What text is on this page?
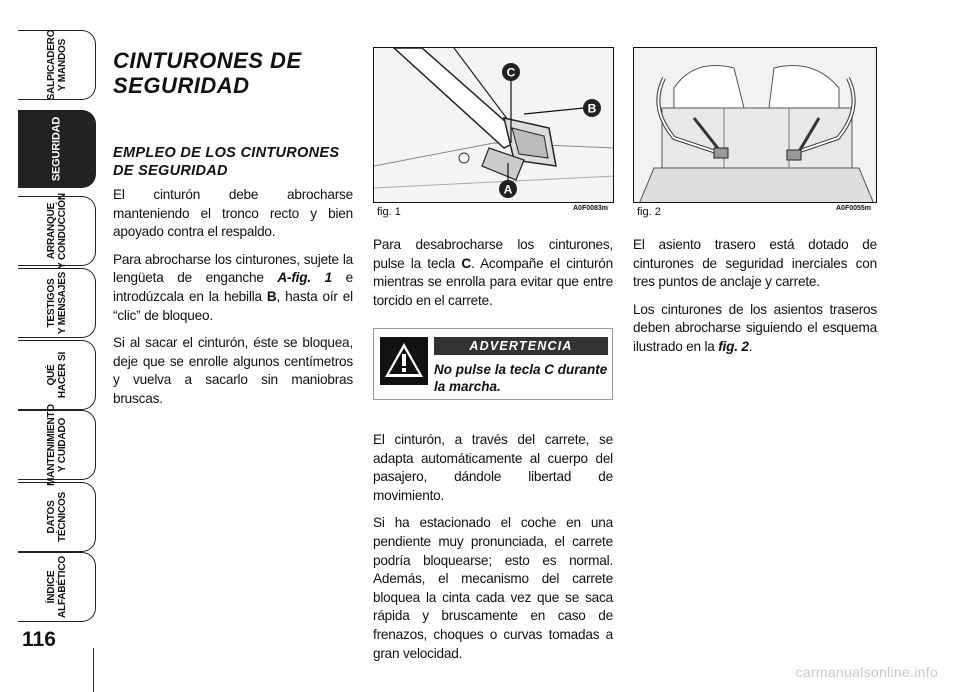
SALPICADERO
Y MANDOS
SEGURIDAD
ARRANQUE
Y CONDUCCIÓN
TESTIGOS
Y MENSAJES
QUÉ
HACER SI
MANTENIMIENTO
Y CUIDADO
DATOS
TÉCNICOS
ÍNDICE
ALFABÉTICO
116
CINTURONES DE SEGURIDAD
EMPLEO DE LOS CINTURONES DE SEGURIDAD

El cinturón debe abrocharse manteniendo el tronco recto y bien apoyado contra el respaldo.

Para abrocharse los cinturones, sujete la lengüeta de enganche A-fig. 1 e introdúzcala en la hebilla B, hasta oír el “clic” de bloqueo.

Si al sacar el cinturón, éste se bloquea, deje que se enrolle algunos centímetros y vuelva a sacarlo sin maniobras bruscas.

C
B
A
fig. 1	A0F0083m	fig. 2	A0F0055m

Para desabrocharse los cinturones, pulse la tecla C. Acompañe el cinturón mientras se enrolla para evitar que entre torcido en el carrete.

ADVERTENCIA
No pulse la tecla C durante la marcha.

El cinturón, a través del carrete, se adapta automáticamente al cuerpo del pasajero, dándole libertad de movimiento.

Si ha estacionado el coche en una pendiente muy pronunciada, el carrete podría bloquearse; esto es normal. Además, el mecanismo del carrete bloquea la cinta cada vez que se saca rápida y bruscamente en caso de frenazos, choques o curvas tomadas a gran velocidad.

El asiento trasero está dotado de cinturones de seguridad inerciales con tres puntos de anclaje y carrete.

Los cinturones de los asientos traseros deben abrocharse siguiendo el esquema ilustrado en la fig. 2.

carmanualsonline.info
